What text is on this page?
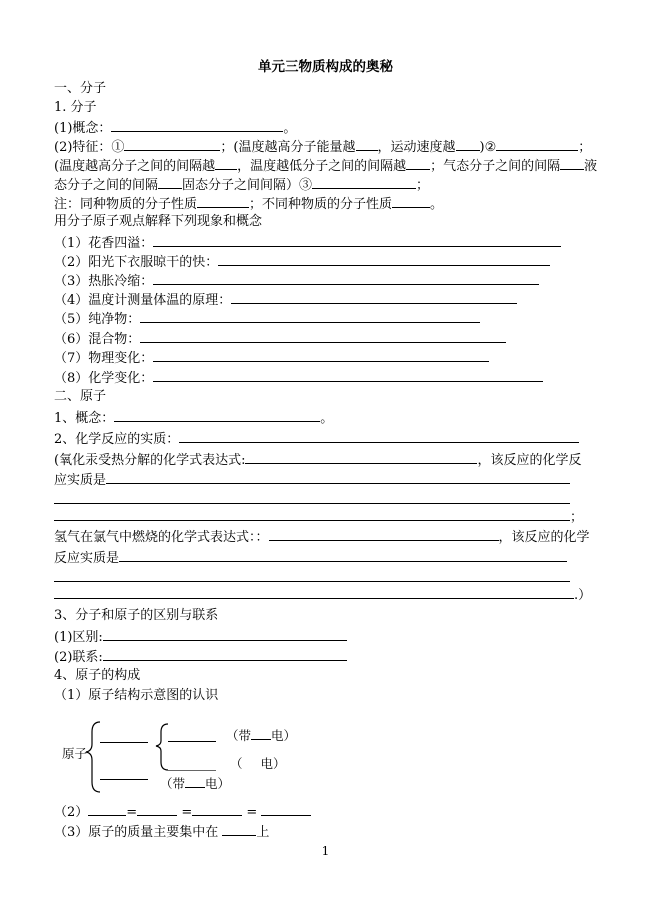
单元三物质构成的奥秘
一、分子
1. 分子
(1)概念：	。
(2)特征：①	；(温度越高分子能量越 ，运动速度越 )②	；
(温度越高分子之间的间隔越 ，温度越低分子之间的间隔越 ；气态分子之间的间隔 液
态分子之间的间隔 固态分子之间间隔）③	；
注：同种物质的分子性质	；不同种物质的分子性质	。
用分子原子观点解释下列现象和概念
（1）花香四溢：
（2）阳光下衣服晾干的快：
（3）热胀冷缩：
（4）温度计测量体温的原理：
（5）纯净物：
（6）混合物：
（7）物理变化：
（8）化学变化：
二、原子
1、概念：	。
2、化学反应的实质：
(氧化汞受热分解的化学式表达式:	，该反应的化学反
应实质是
；
氢气在氯气中燃烧的化学式表达式：：	，该反应的化学
反应实质是
.）
3、分子和原子的区别与联系
(1)区别:
(2)联系:
4、原子的构成
（1）原子结构示意图的认识
原子
（带 电）
（ 电）
（带 电）
（2）	=	=	=
（3）原子的质量主要集中在	上
1
